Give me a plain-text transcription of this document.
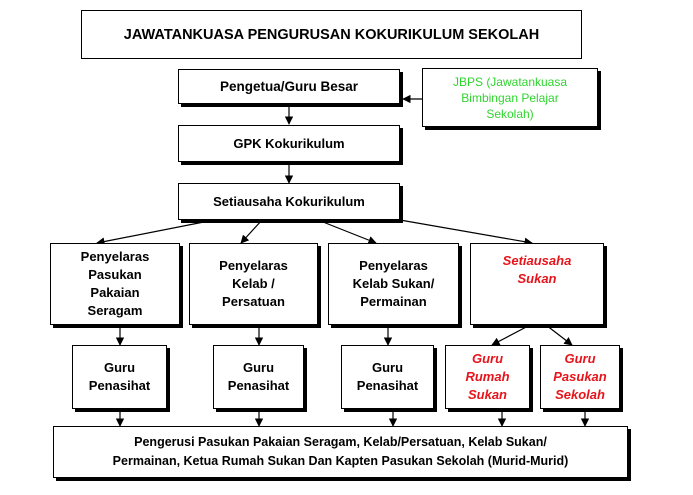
JAWATANKUASA PENGURUSAN KOKURIKULUM SEKOLAH
Pengetua/Guru Besar	JBPS (Jawatankuasa
Bimbingan Pelajar
Sekolah)
GPK Kokurikulum
Setiausaha Kokurikulum
Penyelaras
Pasukan
Pakaian
Seragam
Penyelaras
Kelab /
Persatuan
Penyelaras
Kelab Sukan/
Permainan
Setiausaha
Sukan
Guru
Penasihat
Guru
Penasihat
Guru
Penasihat
Guru
Rumah
Sukan
Guru
Pasukan
Sekolah
Pengerusi Pasukan Pakaian Seragam, Kelab/Persatuan, Kelab Sukan/
Permainan, Ketua Rumah Sukan Dan Kapten Pasukan Sekolah (Murid-Murid)
